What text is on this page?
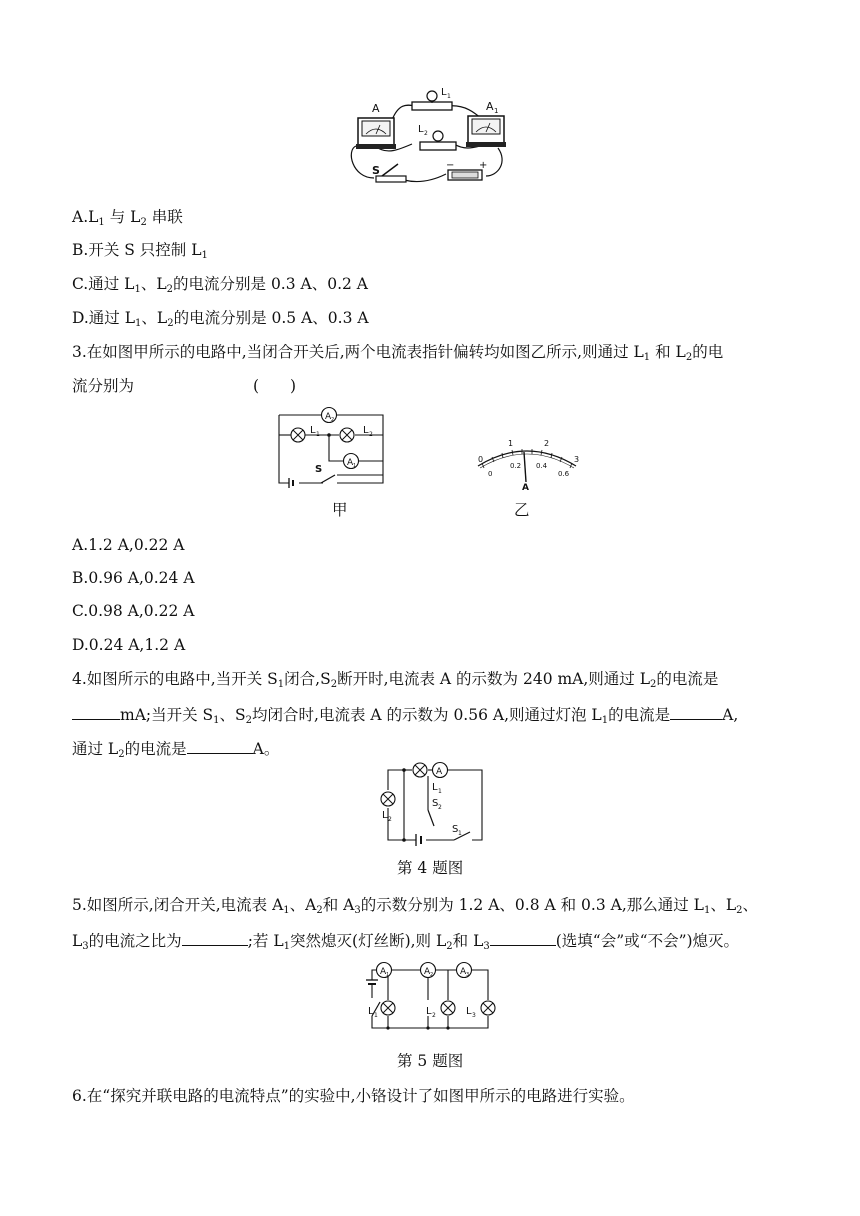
A
L 1
L 2
A 1
S	− +
$A.L_1$ 与 $L_2$ 串联
B.开关 S 只控制 $L_1$
C.通过 $L_1$、$L_2$的电流分别是 0.3 A、0.2 A
D.通过 $L_1$、$L_2$的电流分别是 0.5 A、0.3 A
3.在如图甲所示的电路中,当闭合开关后,两个电流表指针偏转均如图乙所示,则通过 $L_1$ 和 $L_2$的电
流分别为	(　　)
A 2
L 1	L 2
A 1
S
0
1	2
3
0
0.2 0.4
0.6
A
甲	乙
A.1.2 A,0.22 A
B.0.96 A,0.24 A
C.0.98 A,0.22 A
D.0.24 A,1.2 A
4.如图所示的电路中,当开关 $S_1$闭合$,S_2$断开时,电流表 A 的示数为 240 mA,则通过 $L_2$的电流是
mA;当开关 $S_1$、$S_2$均闭合时,电流表 A 的示数为 0.56 A,则通过灯泡 $L_1$的电流是	A,
通过 $L_2$的电流是	A。
A
L 1
S 2
L 2
S 1
第 4 题图
5.如图所示,闭合开关,电流表 $A_1$、$A_2$和 $A_3$的示数分别为 1.2 A、0.8 A 和 0.3 A,那么通过 $L_1$、$L_2$、
$L_3$的电流之比为	;若 $L_1$突然熄灭(灯丝断),则 $L_2$和 $L_3$	(选填“会”或“不会”)熄灭。
A 1	A 2	A 3
L 1	L 2	L 3
第 5 题图
6.在“探究并联电路的电流特点”的实验中,小铬设计了如图甲所示的电路进行实验。
